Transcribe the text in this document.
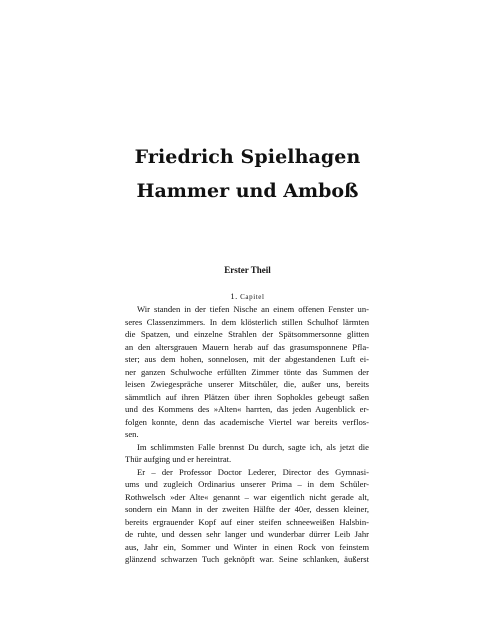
Friedrich Spielhagen
Hammer und Amboß
Erster Theil
1. Capitel
Wir standen in der tiefen Nische an einem offenen Fenster un-
seres Classenzimmers. In dem klösterlich stillen Schulhof lärmten
die Spatzen, und einzelne Strahlen der Spätsommersonne glitten
an den altersgrauen Mauern herab auf das grasumsponnene Pfla-
ster; aus dem hohen, sonnelosen, mit der abgestandenen Luft ei-
ner ganzen Schulwoche erfüllten Zimmer tönte das Summen der
leisen Zwiegespräche unserer Mitschüler, die, außer uns, bereits
sämmtlich auf ihren Plätzen über ihren Sophokles gebeugt saßen
und des Kommens des »Alten« harrten, das jeden Augenblick er-
folgen konnte, denn das academische Viertel war bereits verflos-
sen.
Im schlimmsten Falle brennst Du durch, sagte ich, als jetzt die
Thür aufging und er hereintrat.
Er – der Professor Doctor Lederer, Director des Gymnasi-
ums und zugleich Ordinarius unserer Prima – in dem Schüler-
Rothwelsch »der Alte« genannt – war eigentlich nicht gerade alt,
sondern ein Mann in der zweiten Hälfte der 40er, dessen kleiner,
bereits ergrauender Kopf auf einer steifen schneeweißen Halsbin-
de ruhte, und dessen sehr langer und wunderbar dürrer Leib Jahr
aus, Jahr ein, Sommer und Winter in einen Rock von feinstem
glänzend schwarzen Tuch geknöpft war. Seine schlanken, äußerst
